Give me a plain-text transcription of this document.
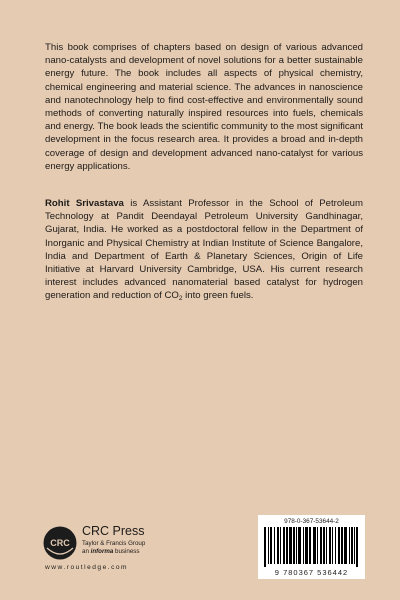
This book comprises of chapters based on design of various advanced nano-catalysts and development of novel solutions for a better sustainable energy future. The book includes all aspects of physical chemistry, chemical engineering and material science. The advances in nanoscience and nanotechnology help to find cost-effective and environmentally sound methods of converting naturally inspired resources into fuels, chemicals and energy. The book leads the scientific community to the most significant development in the focus research area. It provides a broad and in-depth coverage of design and development advanced nano-catalyst for various energy applications.
Rohit Srivastava is Assistant Professor in the School of Petroleum Technology at Pandit Deendayal Petroleum University Gandhinagar, Gujarat, India. He worked as a postdoctoral fellow in the Department of Inorganic and Physical Chemistry at Indian Institute of Science Bangalore, India and Department of Earth & Planetary Sciences, Origin of Life Initiative at Harvard University Cambridge, USA. His current research interest includes advanced nanomaterial based catalyst for hydrogen generation and reduction of $CO_2$ into green fuels.
CRC
CRC Press
Taylor & Francis Group
an informa business
www.routledge.com
978-0-367-53644-2
9 780367 536442
